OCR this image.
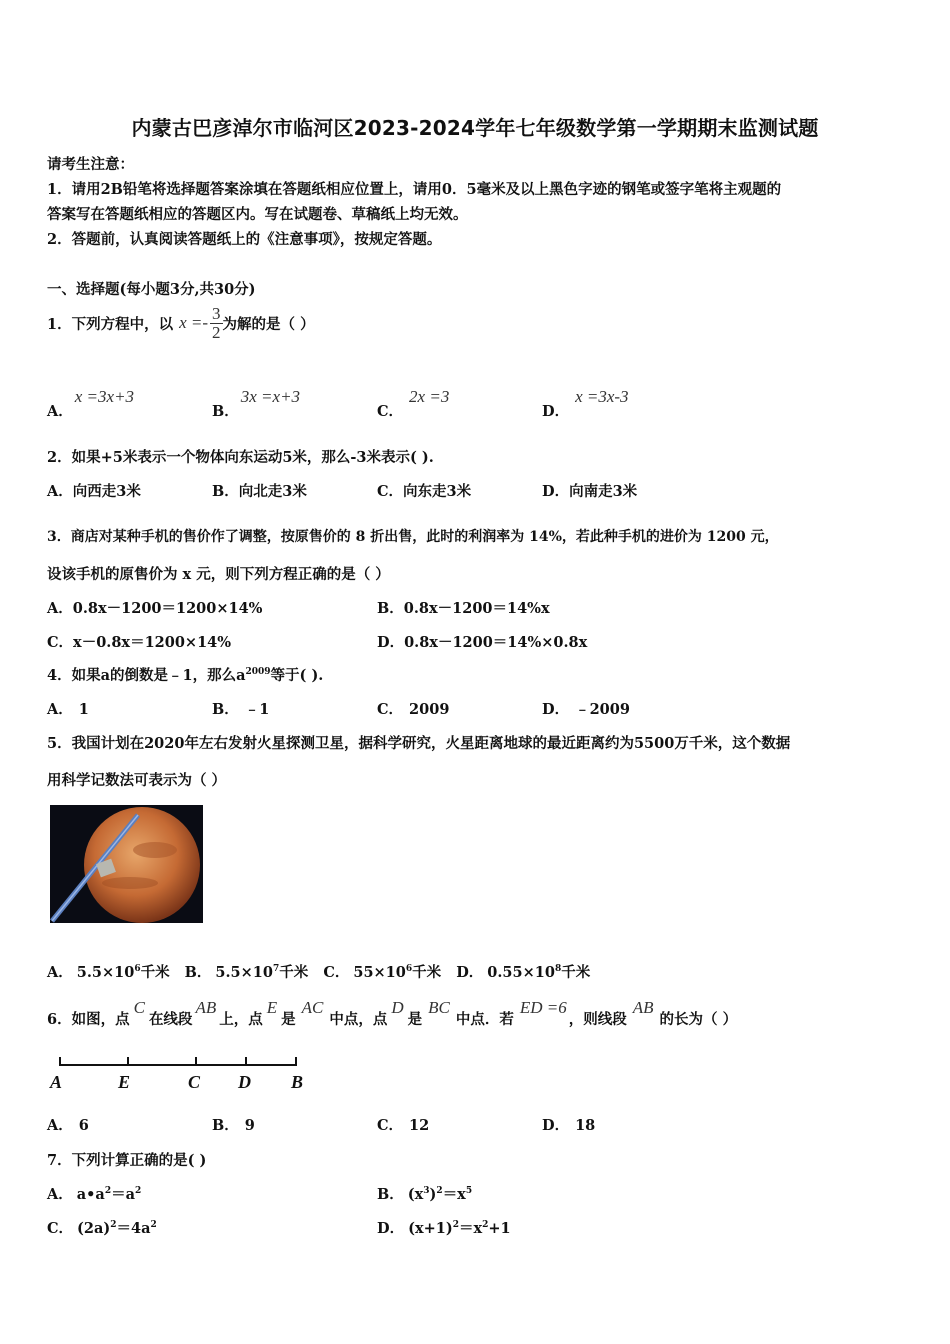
内蒙古巴彦淖尔市临河区2023-2024学年七年级数学第一学期期末监测试题
请考生注意：
1．请用2B铅笔将选择题答案涂填在答题纸相应位置上，请用0．5毫米及以上黑色字迹的钢笔或签字笔将主观题的
答案写在答题纸相应的答题区内。写在试题卷、草稿纸上均无效。
2．答题前，认真阅读答题纸上的《注意事项》，按规定答题。
一、选择题(每小题3分,共30分)
1．下列方程中，以 $x =- \frac{3}{2}$ 为解的是（ ）
A．x =3x+3
B．3x =x+3
C．2x =3
D．x =3x-3
2．如果+5米表示一个物体向东运动5米，那么-3米表示( ).
A．向西走3米	B．向北走3米	C．向东走3米	D．向南走3米
3．商店对某种手机的售价作了调整，按原售价的 8 折出售，此时的利润率为 14%，若此种手机的进价为 1200 元，
设该手机的原售价为 x 元，则下列方程正确的是（ ）
A．0.8x－1200＝1200×14%	B．0.8x－1200＝14%x
C．x－0.8x＝1200×14%	D．0.8x－1200＝14%×0.8x
4．如果a的倒数是﹣1，那么$a^{2009}$等于( ).
A． 1	B． ﹣1	C． 2009	D． ﹣2009
5．我国计划在2020年左右发射火星探测卫星，据科学研究，火星距离地球的最近距离约为5500万千米，这个数据
用科学记数法可表示为（ ）
A． $5.5\times 10^6$千米 B． $5.5\times 10^7$千米 C． $55\times 10^6$千米 D． $0.55\times 10^8$千米
6．如图，点
C
在线段
AB
上，点
E
是
AC
中点，点
D
是
BC
中点．若
ED =6
，则线段
AB
的长为（ ）
A	E	C D B
A． 6	B． 9	C． 12	D． 18
7．下列计算正确的是( )
A． $a•a^2=a^2$	B． $(x^3)^2=x^5$
C． $(2a)^2=4a^2$	D． $(x+1)^2=x^2+1$
